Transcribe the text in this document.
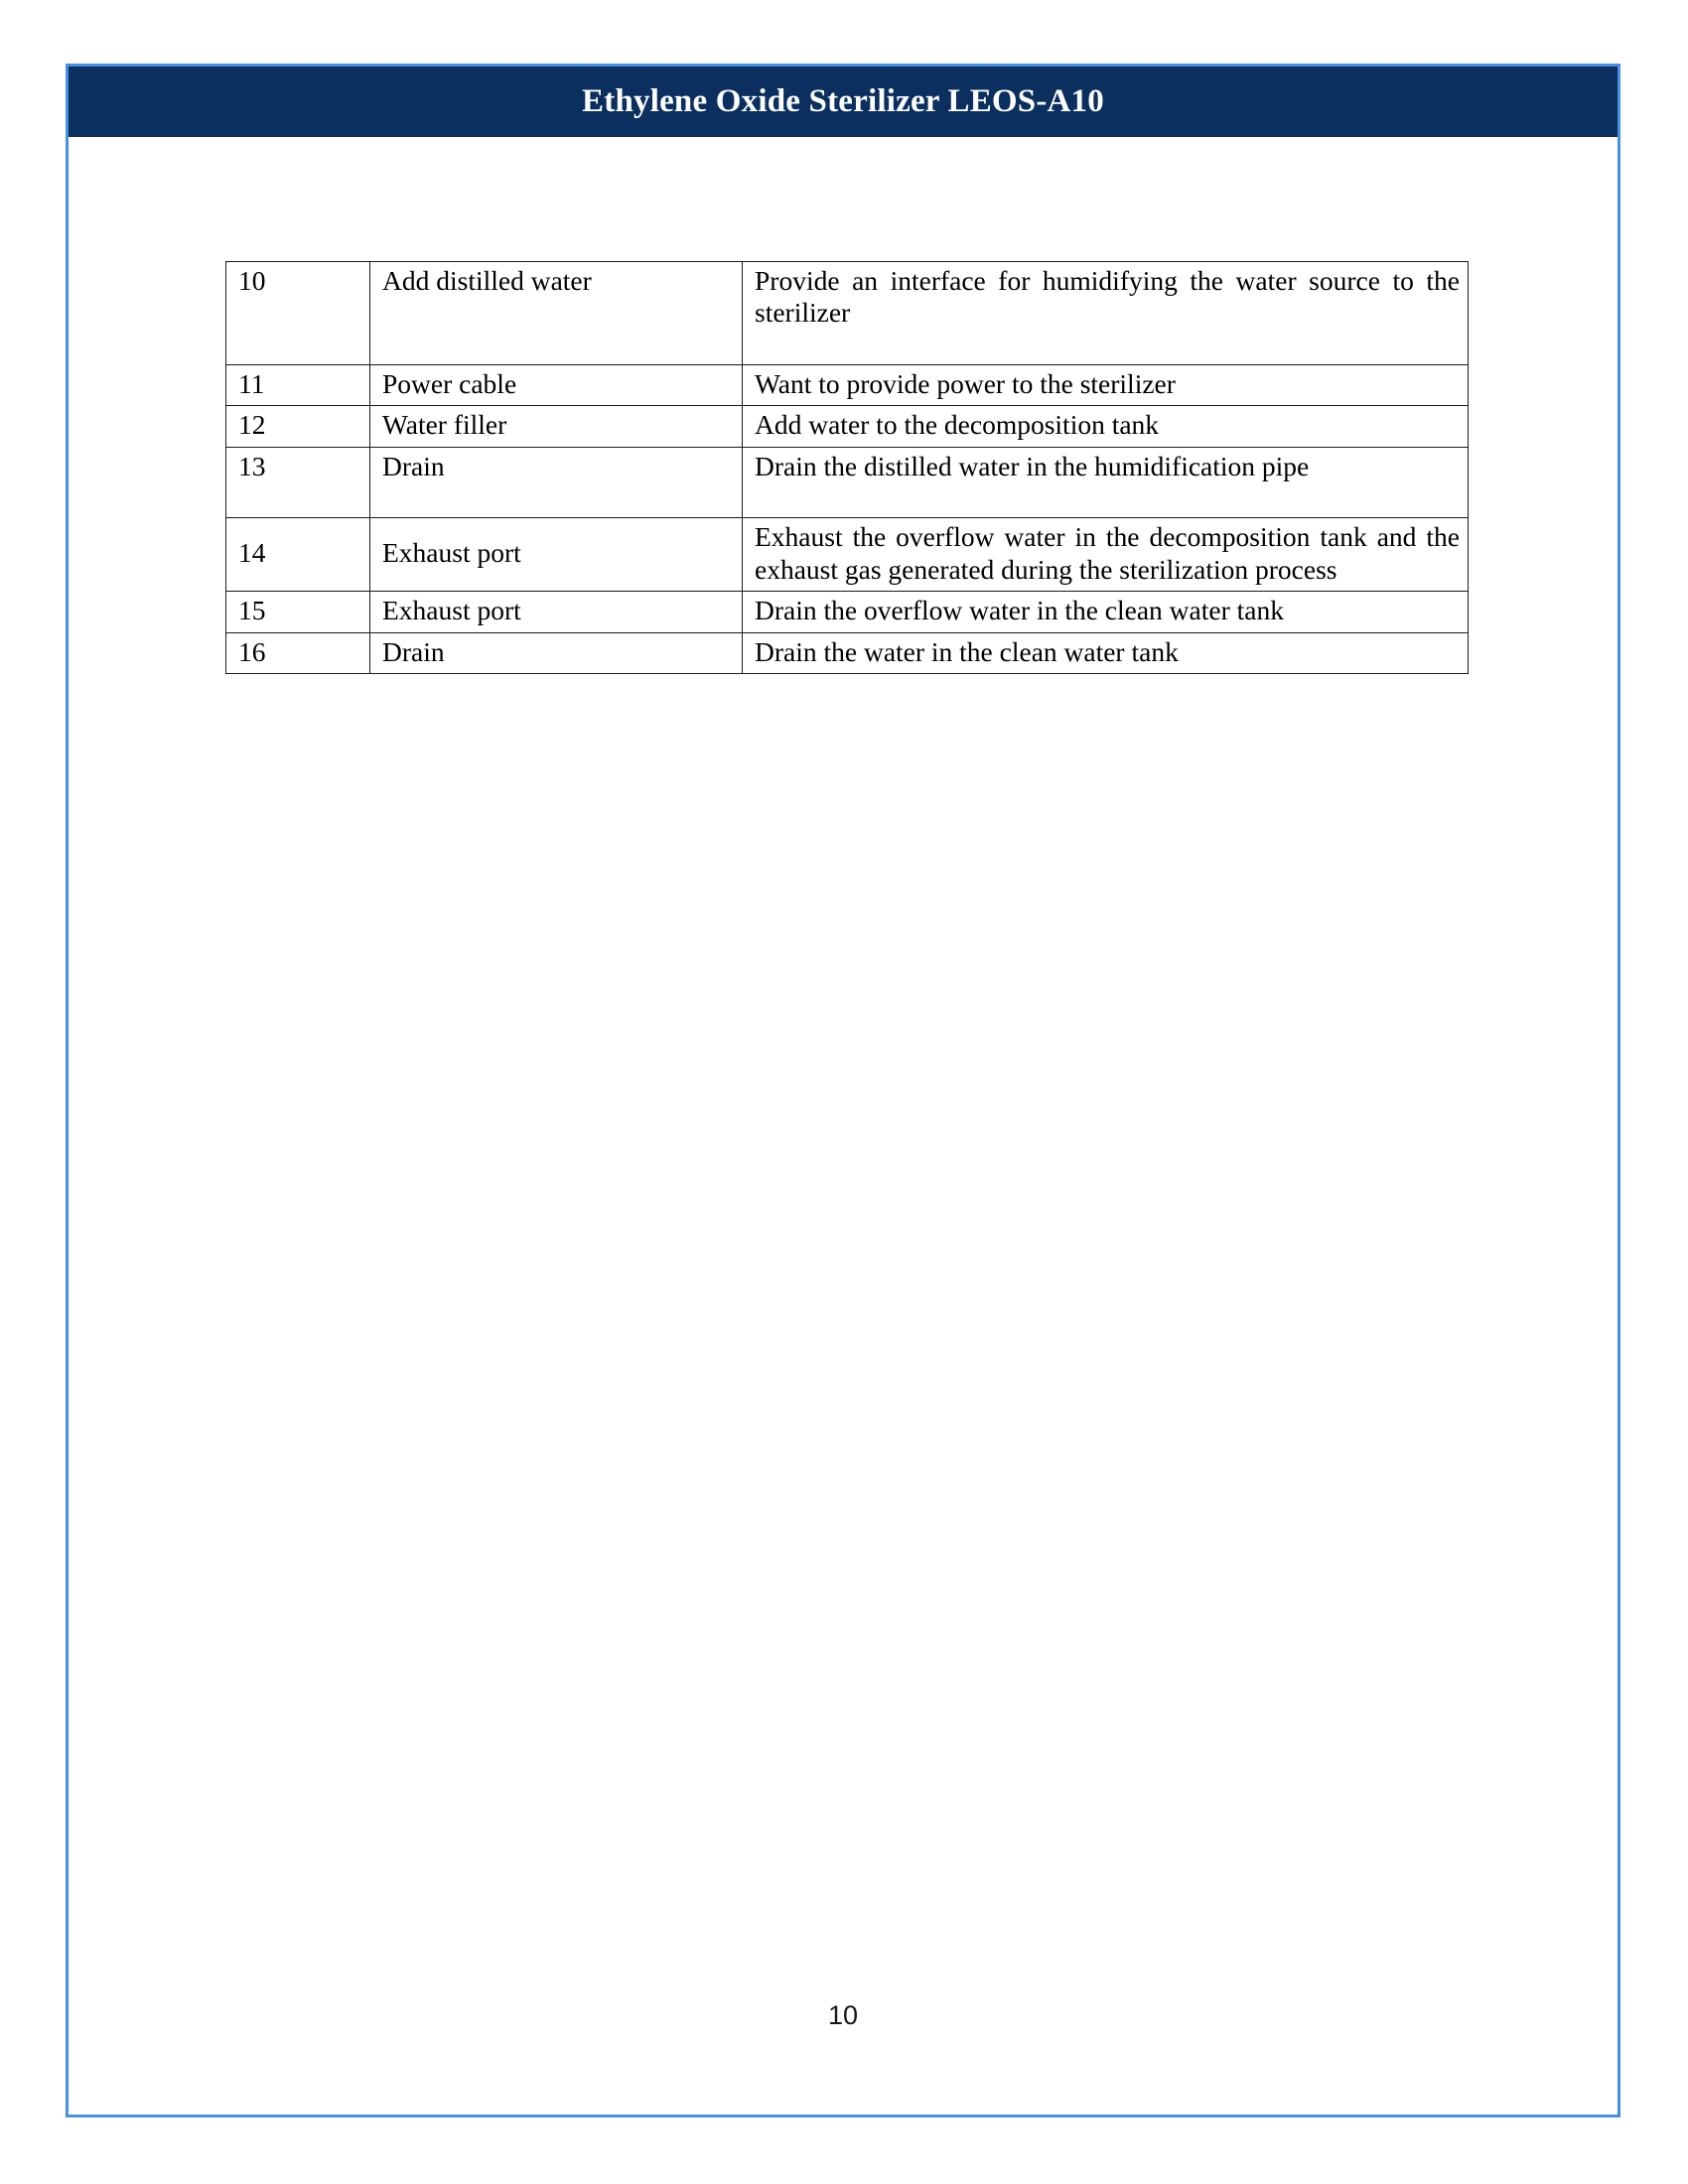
Ethylene Oxide Sterilizer LEOS-A10
10	Add distilled water	Provide an interface for humidifying the water source to the sterilizer

11	Power cable	Want to provide power to the sterilizer
12	Water filler	Add water to the decomposition tank
13	Drain	Drain the distilled water in the humidification pipe

14	Exhaust port	Exhaust the overflow water in the decomposition tank and the exhaust gas generated during the sterilization process
15	Exhaust port	Drain the overflow water in the clean water tank
16	Drain	Drain the water in the clean water tank
10
